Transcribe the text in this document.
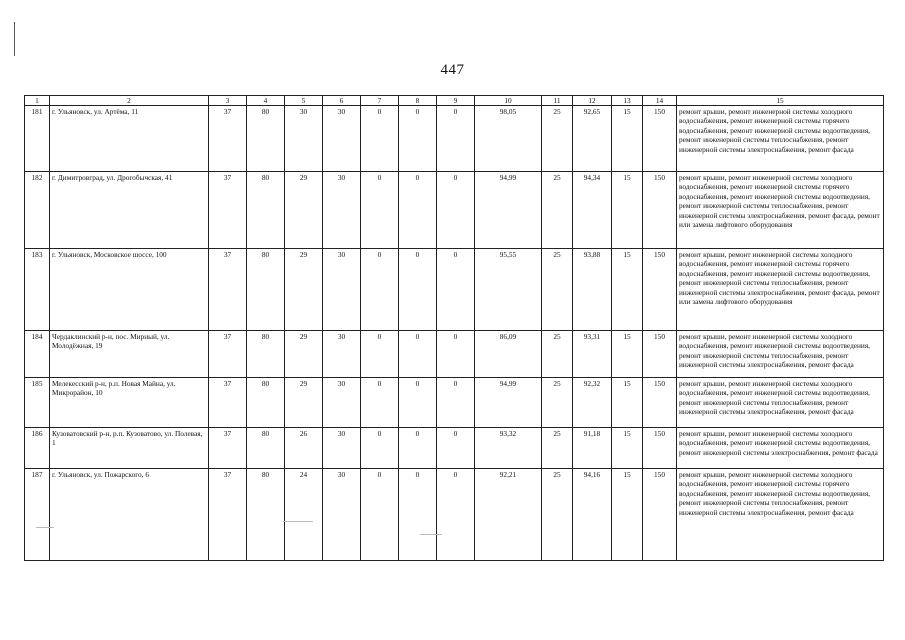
447
1	2	3	4	5	6	7	8	9	10	11	12	13	14	15
181	г. Ульяновск, ул. Артёма, 11	37	80	30	30	0	0	0	98,05	25	92,65	15	150	ремонт крыши, ремонт инженерной системы холодного водоснабжения, ремонт инженерной системы горячего водоснабжения, ремонт инженерной системы водоотведения, ремонт инженерной системы теплоснабжения, ремонт инженерной системы электроснабжения, ремонт фасада
182	г. Димитровград, ул. Дрогобычская, 41	37	80	29	30	0	0	0	94,99	25	94,34	15	150	ремонт крыши, ремонт инженерной системы холодного водоснабжения, ремонт инженерной системы горячего водоснабжения, ремонт инженерной системы водоотведения, ремонт инженерной системы теплоснабжения, ремонт инженерной системы электроснабжения, ремонт фасада, ремонт или замена лифтового оборудования
183	г. Ульяновск, Московское шоссе, 100	37	80	29	30	0	0	0	95,55	25	93,88	15	150	ремонт крыши, ремонт инженерной системы холодного водоснабжения, ремонт инженерной системы горячего водоснабжения, ремонт инженерной системы водоотведения, ремонт инженерной системы теплоснабжения, ремонт инженерной системы электроснабжения, ремонт фасада, ремонт или замена лифтового оборудования
184	Чердаклинский р-н, пос. Мирный, ул. Молодёжная, 19	37	80	29	30	0	0	0	86,09	25	93,31	15	150	ремонт крыши, ремонт инженерной системы холодного водоснабжения, ремонт инженерной системы водоотведения, ремонт инженерной системы теплоснабжения, ремонт инженерной системы электроснабжения, ремонт фасада
185	Мелекесский р-н, р.п. Новая Майна, ул. Микрорайон, 10	37	80	29	30	0	0	0	94,99	25	92,32	15	150	ремонт крыши, ремонт инженерной системы холодного водоснабжения, ремонт инженерной системы водоотведения, ремонт инженерной системы теплоснабжения, ремонт инженерной системы электроснабжения, ремонт фасада
186	Кузоватовский р-н, р.п. Кузоватово, ул. Полевая, 1	37	80	26	30	0	0	0	93,32	25	91,18	15	150	ремонт крыши, ремонт инженерной системы холодного водоснабжения, ремонт инженерной системы водоотведения, ремонт инженерной системы электроснабжения, ремонт фасада
187	г. Ульяновск, ул. Пожарского, 6	37	80	24	30	0	0	0	92,21	25	94,16	15	150	ремонт крыши, ремонт инженерной системы холодного водоснабжения, ремонт инженерной системы горячего водоснабжения, ремонт инженерной системы водоотведения, ремонт инженерной системы теплоснабжения, ремонт инженерной системы электроснабжения, ремонт фасада
